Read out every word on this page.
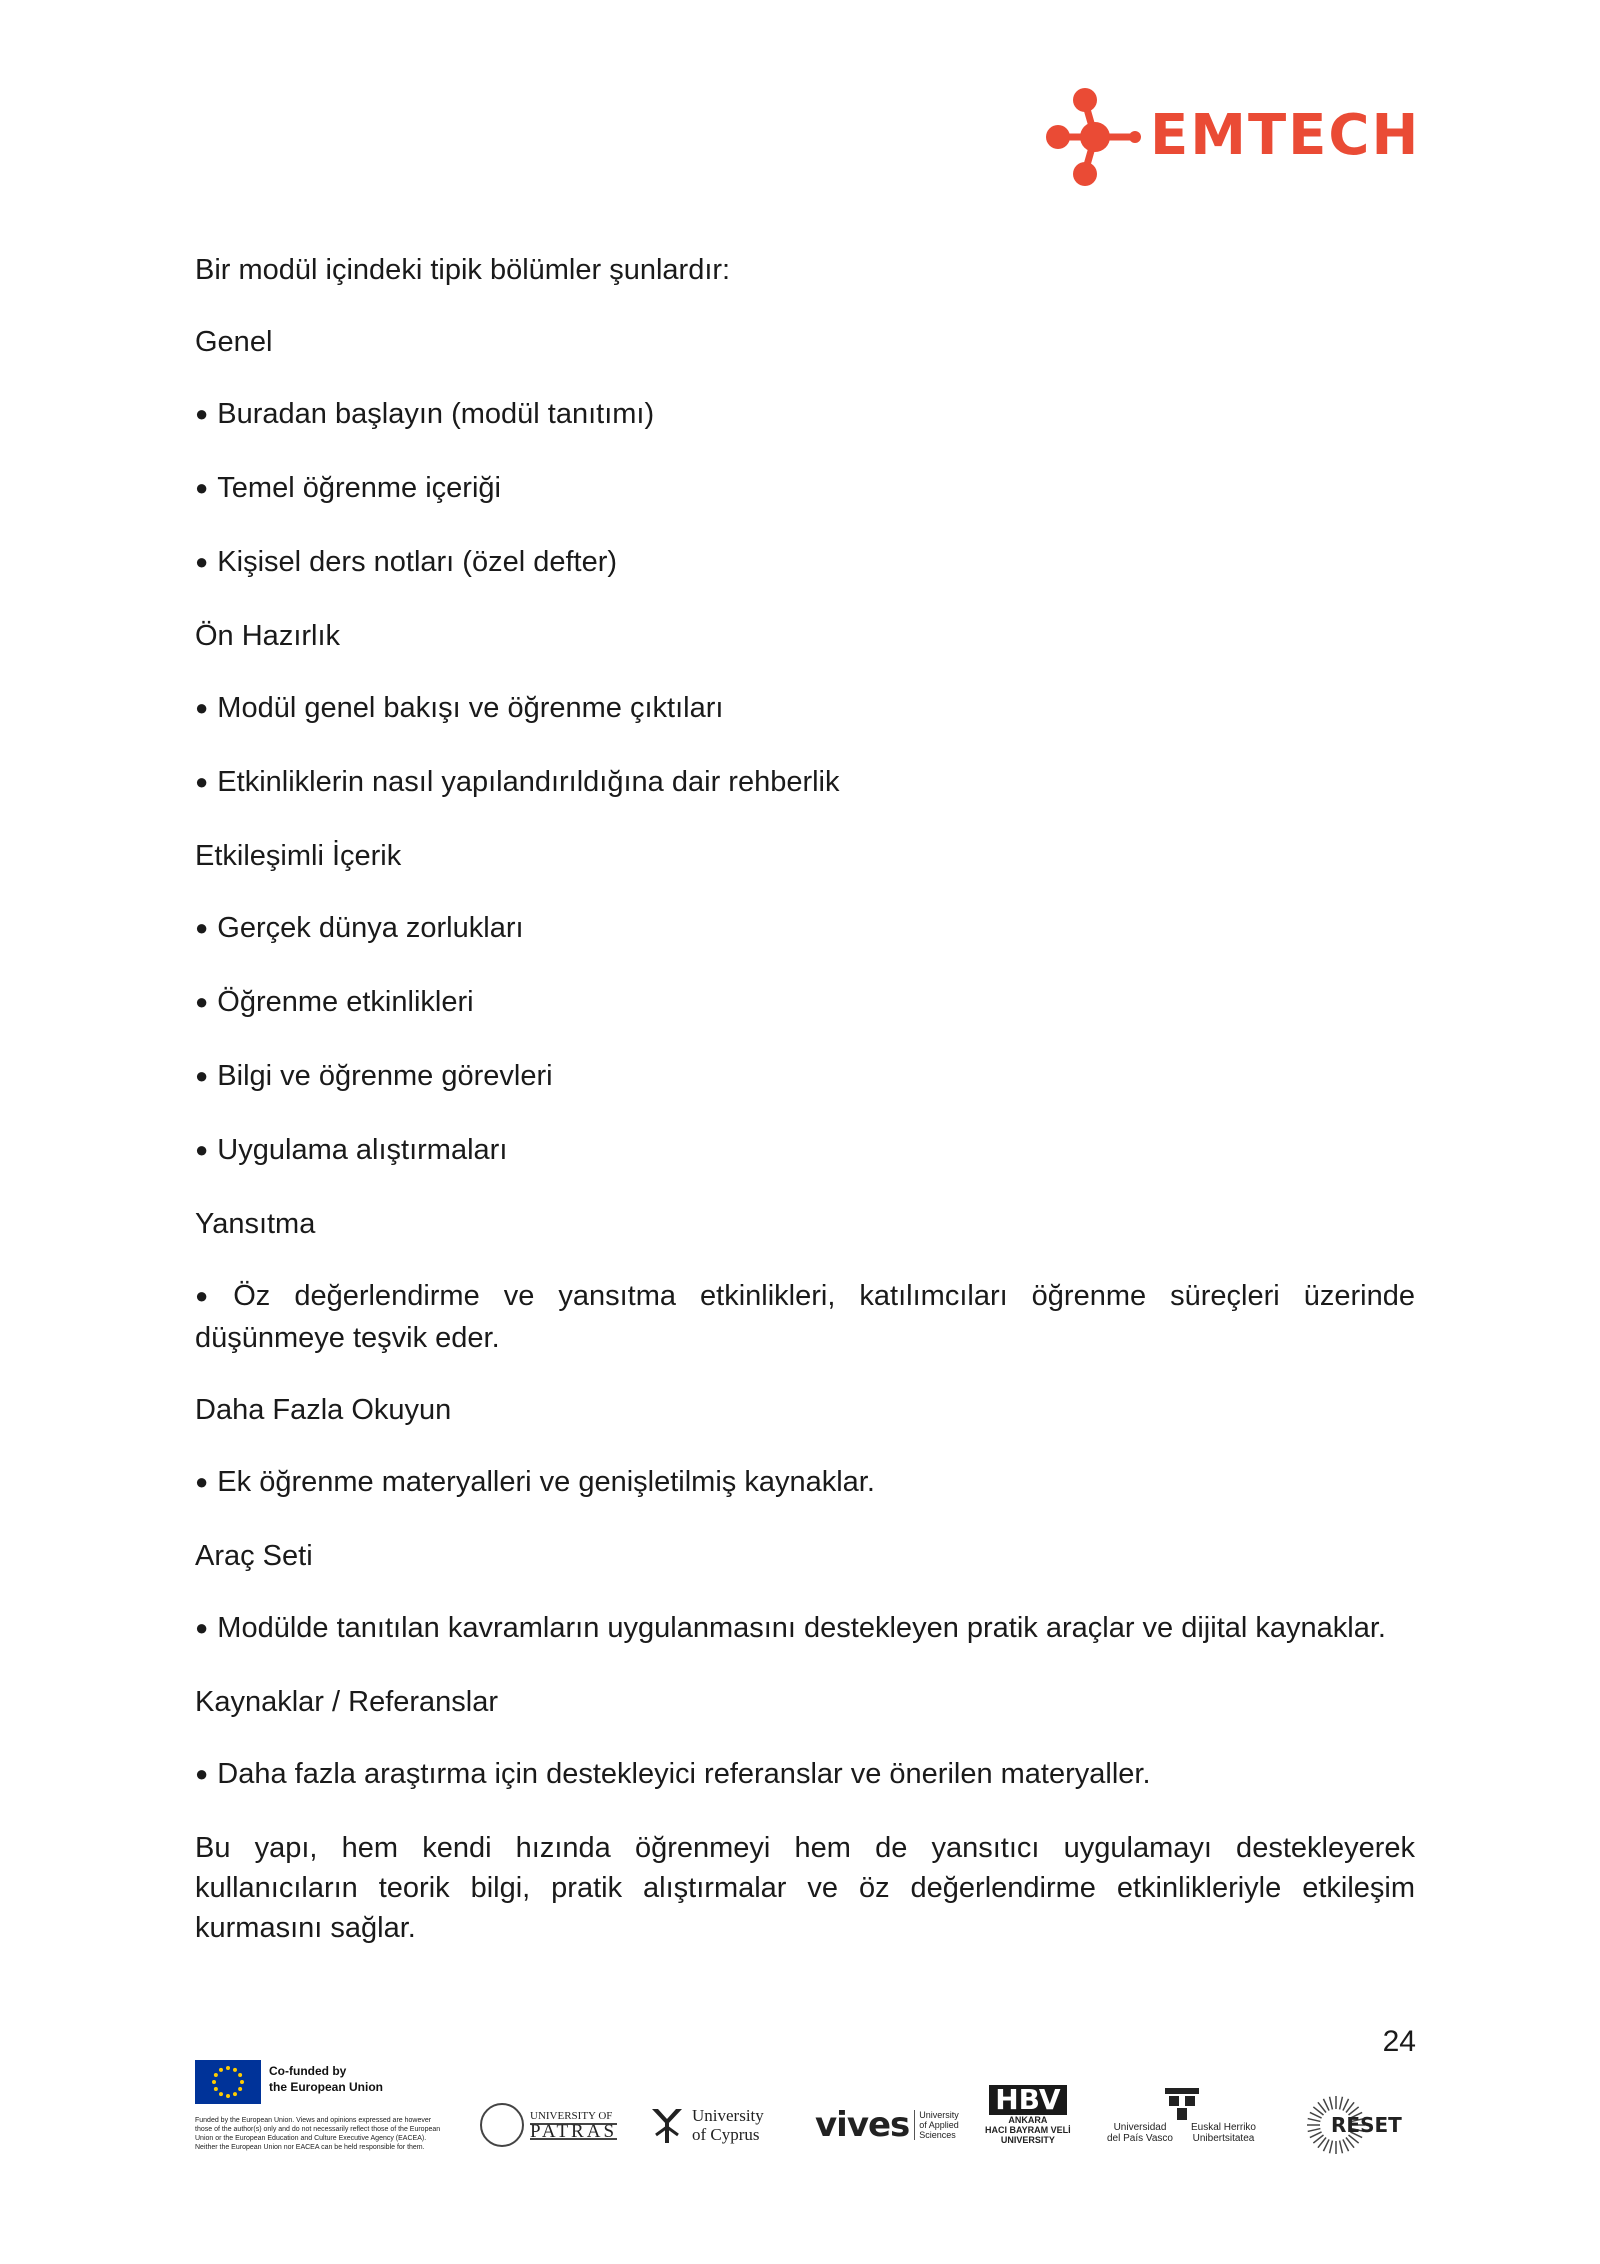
EMTECH

Bir modül içindeki tipik bölümler şunlardır:

Genel

● Buradan başlayın (modül tanıtımı)

● Temel öğrenme içeriği

● Kişisel ders notları (özel defter)

Ön Hazırlık

● Modül genel bakışı ve öğrenme çıktıları

● Etkinliklerin nasıl yapılandırıldığına dair rehberlik

Etkileşimli İçerik

● Gerçek dünya zorlukları

● Öğrenme etkinlikleri

● Bilgi ve öğrenme görevleri

● Uygulama alıştırmaları

Yansıtma

● Öz değerlendirme ve yansıtma etkinlikleri, katılımcıları öğrenme süreçleri üzerinde düşünmeye teşvik eder.

Daha Fazla Okuyun

● Ek öğrenme materyalleri ve genişletilmiş kaynaklar.

Araç Seti

● Modülde tanıtılan kavramların uygulanmasını destekleyen pratik araçlar ve dijital kaynaklar.

Kaynaklar / Referanslar

● Daha fazla araştırma için destekleyici referanslar ve önerilen materyaller.

Bu yapı, hem kendi hızında öğrenmeyi hem de yansıtıcı uygulamayı destekleyerek kullanıcıların teorik bilgi, pratik alıştırmalar ve öz değerlendirme etkinlikleriyle etkileşim kurmasını sağlar.

24
Co-funded by
the European Union
Funded by the European Union. Views and opinions expressed are however those of the author(s) only and do not necessarily reflect those of the European Union or the European Education and Culture Executive Agency (EACEA). Neither the European Union nor EACEA can be held responsible for them.
UNIVERSITY OF
PATRAS
University
of Cyprus vives University
of Applied
Sciences
HBV
ANKARA
HACI BAYRAM VELİ
UNIVERSITY
Universidad
del País Vasco
Euskal Herriko
Unibertsitatea
RESET
